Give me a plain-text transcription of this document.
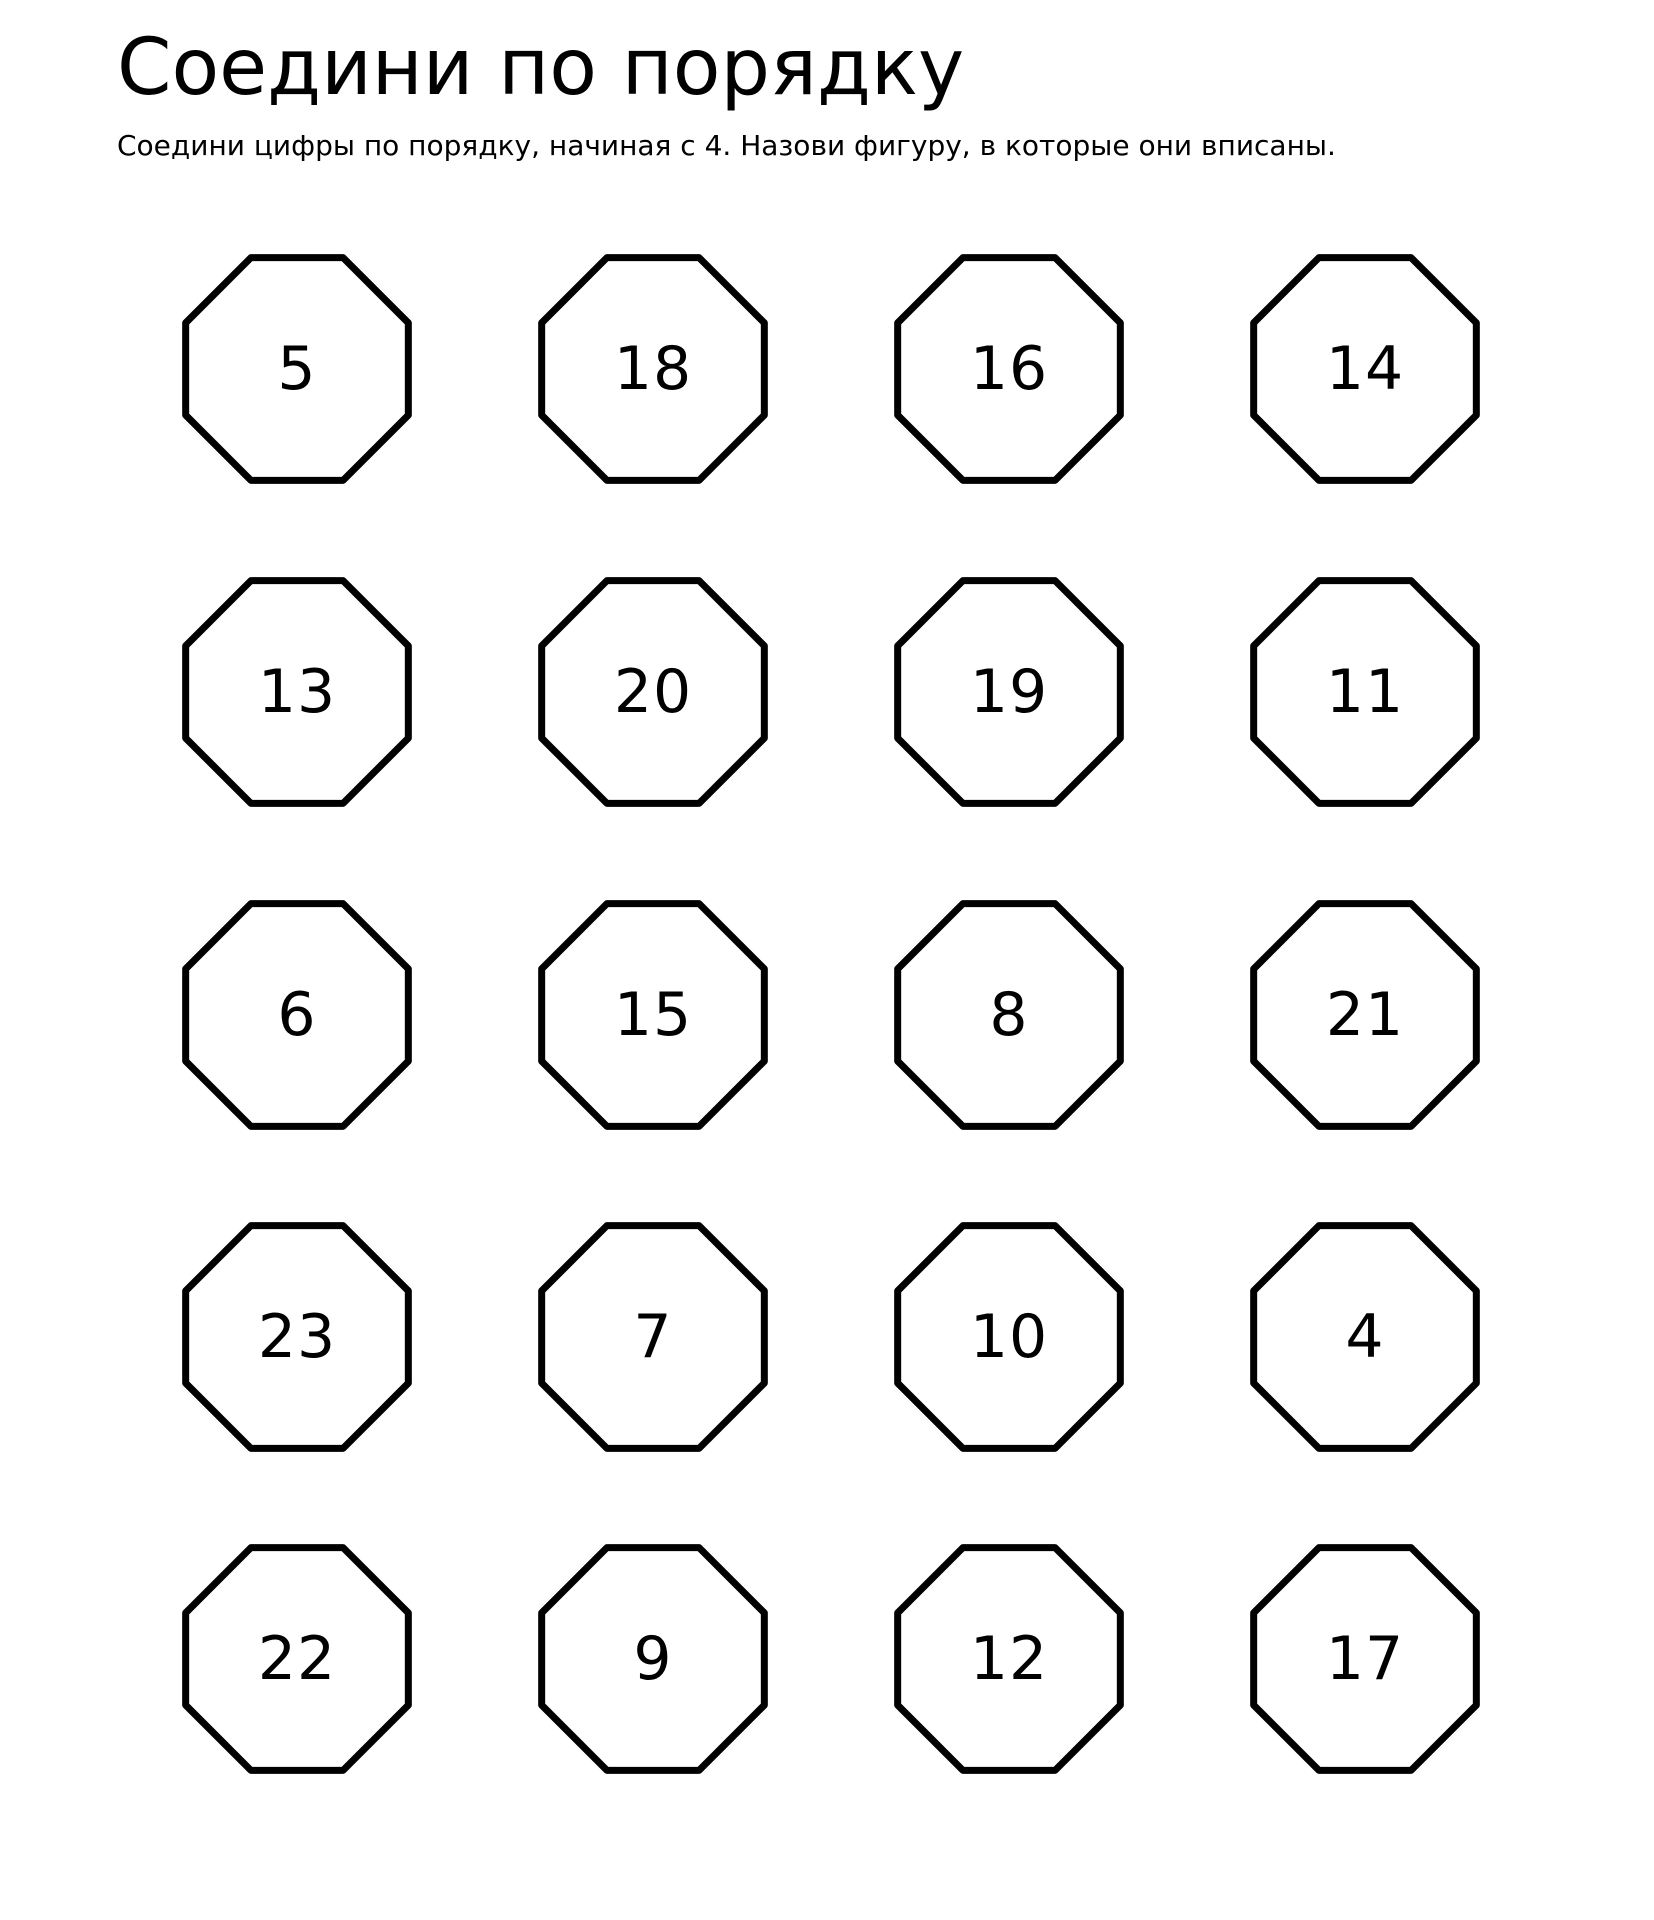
Соедини по порядку

Соедини цифры по порядку, начиная с 4. Назови фигуру, в которые они вписаны.

5	18	16	14
13	20	19	11
6	15	8	21
23	7	10	4
22	9	12	17
